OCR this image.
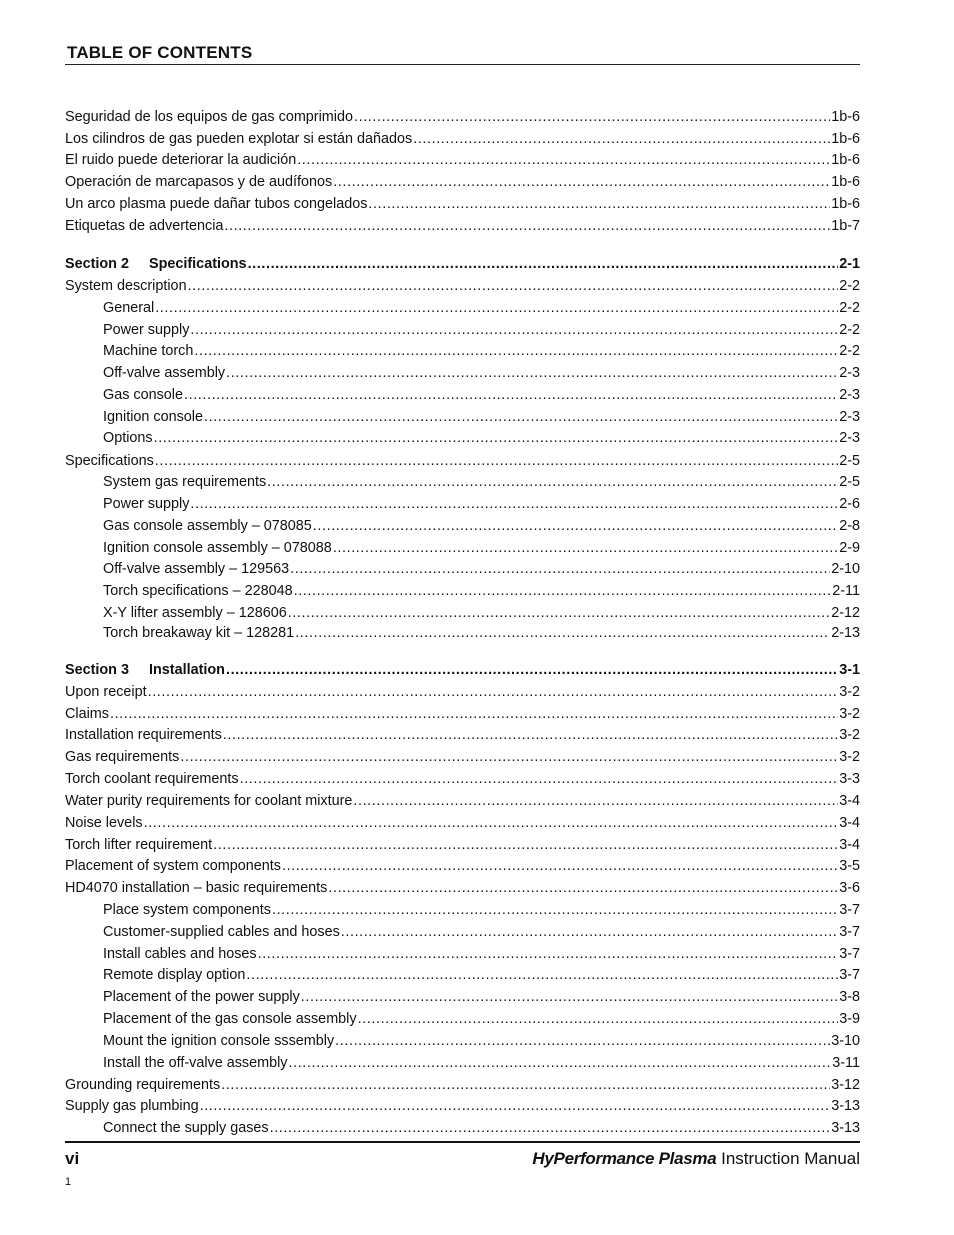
TABLE OF CONTENTS
Seguridad de los equipos de gas comprimido .....	1b-6
Los cilindros de gas pueden explotar si están dañados .....	1b-6
El ruido puede deteriorar la audición .....	1b-6
Operación de marcapasos y de audífonos .....	1b-6
Un arco plasma puede dañar tubos congelados .....	1b-6
Etiquetas de advertencia .....	1b-7
Section 2 Specifications .....	2-1
System description .....	2-2
General .....	2-2
Power supply .....	2-2
Machine torch .....	2-2
Off-valve assembly .....	2-3
Gas console .....	2-3
Ignition console .....	2-3
Options .....	2-3
Specifications .....	2-5
System gas requirements .....	2-5
Power supply .....	2-6
Gas console assembly – 078085 .....	2-8
Ignition console assembly – 078088 .....	2-9
Off-valve assembly – 129563 .....	2-10
Torch specifications – 228048 .....	2-11
X-Y lifter assembly – 128606 .....	2-12
Torch breakaway kit – 128281 .....	2-13
Section 3 Installation .....	3-1
Upon receipt .....	3-2
Claims .....	3-2
Installation requirements .....	3-2
Gas requirements .....	3-2
Torch coolant requirements .....	3-3
Water purity requirements for coolant mixture .....	3-4
Noise levels .....	3-4
Torch lifter requirement .....	3-4
Placement of system components .....	3-5
HD4070 installation – basic requirements .....	3-6
Place system components .....	3-7
Customer-supplied cables and hoses .....	3-7
Install cables and hoses .....	3-7
Remote display option .....	3-7
Placement of the power supply .....	3-8
Placement of the gas console assembly .....	3-9
Mount the ignition console sssembly .....	3-10
Install the off-valve assembly .....	3-11
Grounding requirements .....	3-12
Supply gas plumbing .....	3-13
Connect the supply gases .....	3-13
vi	HyPerformance Plasma Instruction Manual
1
